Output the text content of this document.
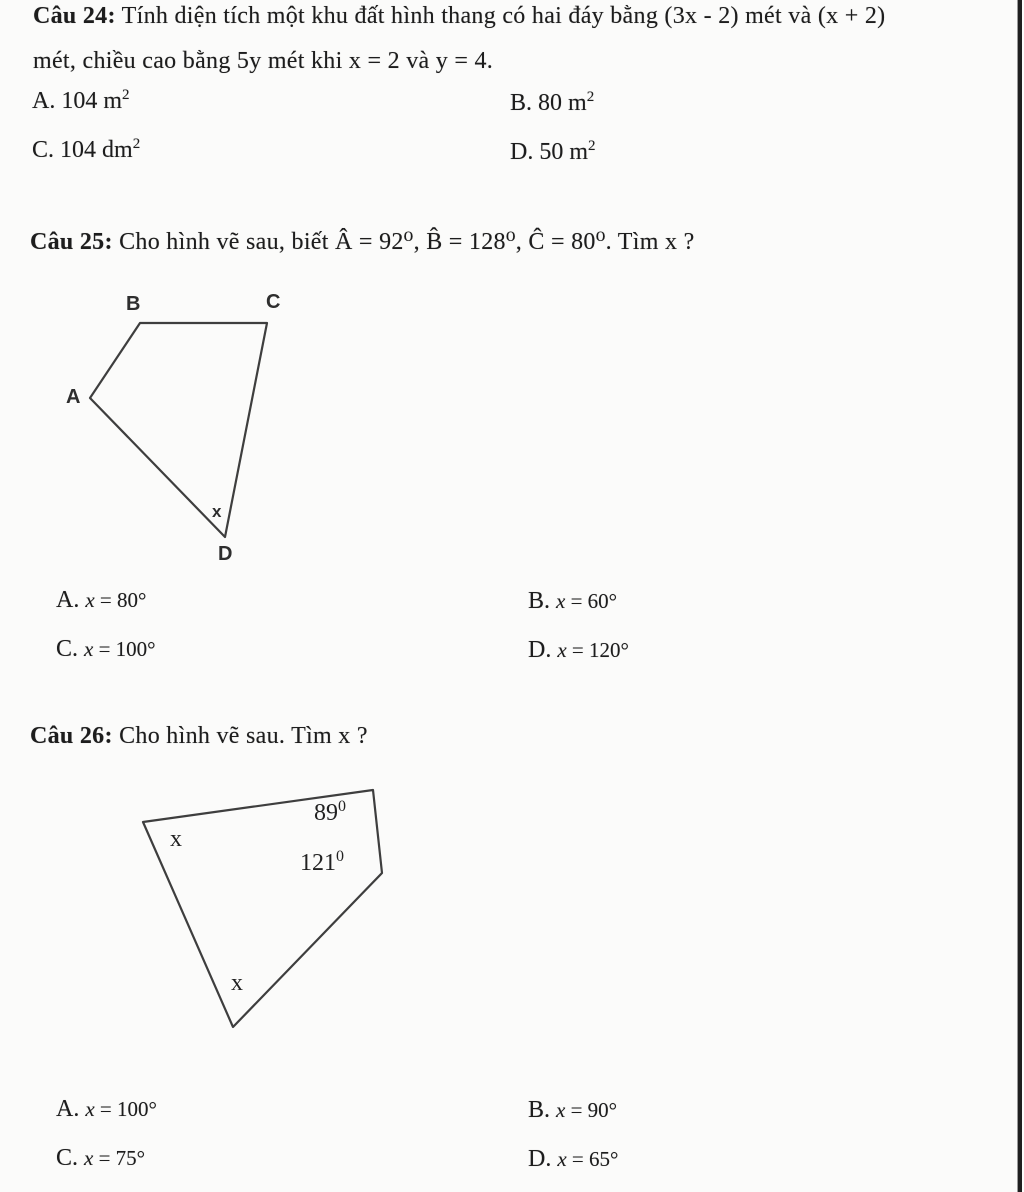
Câu 24: Tính diện tích một khu đất hình thang có hai đáy bằng (3x - 2) mét và (x + 2)
mét, chiều cao bằng 5y mét khi x = 2 và y = 4.
A. 104 $m^2$	B. 80 $m^2$
C. 104 $dm^2$	D. 50 $m^2$
Câu 25: Cho hình vẽ sau, biết Â = 92⁰, B̂ = 128⁰, Ĉ = 80⁰. Tìm x ?
A
B	C
D
x
A. x = 80°	B. x = 60°
C. x = 100°	D. x = 120°
Câu 26: Cho hình vẽ sau. Tìm x ?
x
$89^0$
$121^0$
x
A. x = 100°	B. x = 90°
C. x = 75°	D. x = 65°
